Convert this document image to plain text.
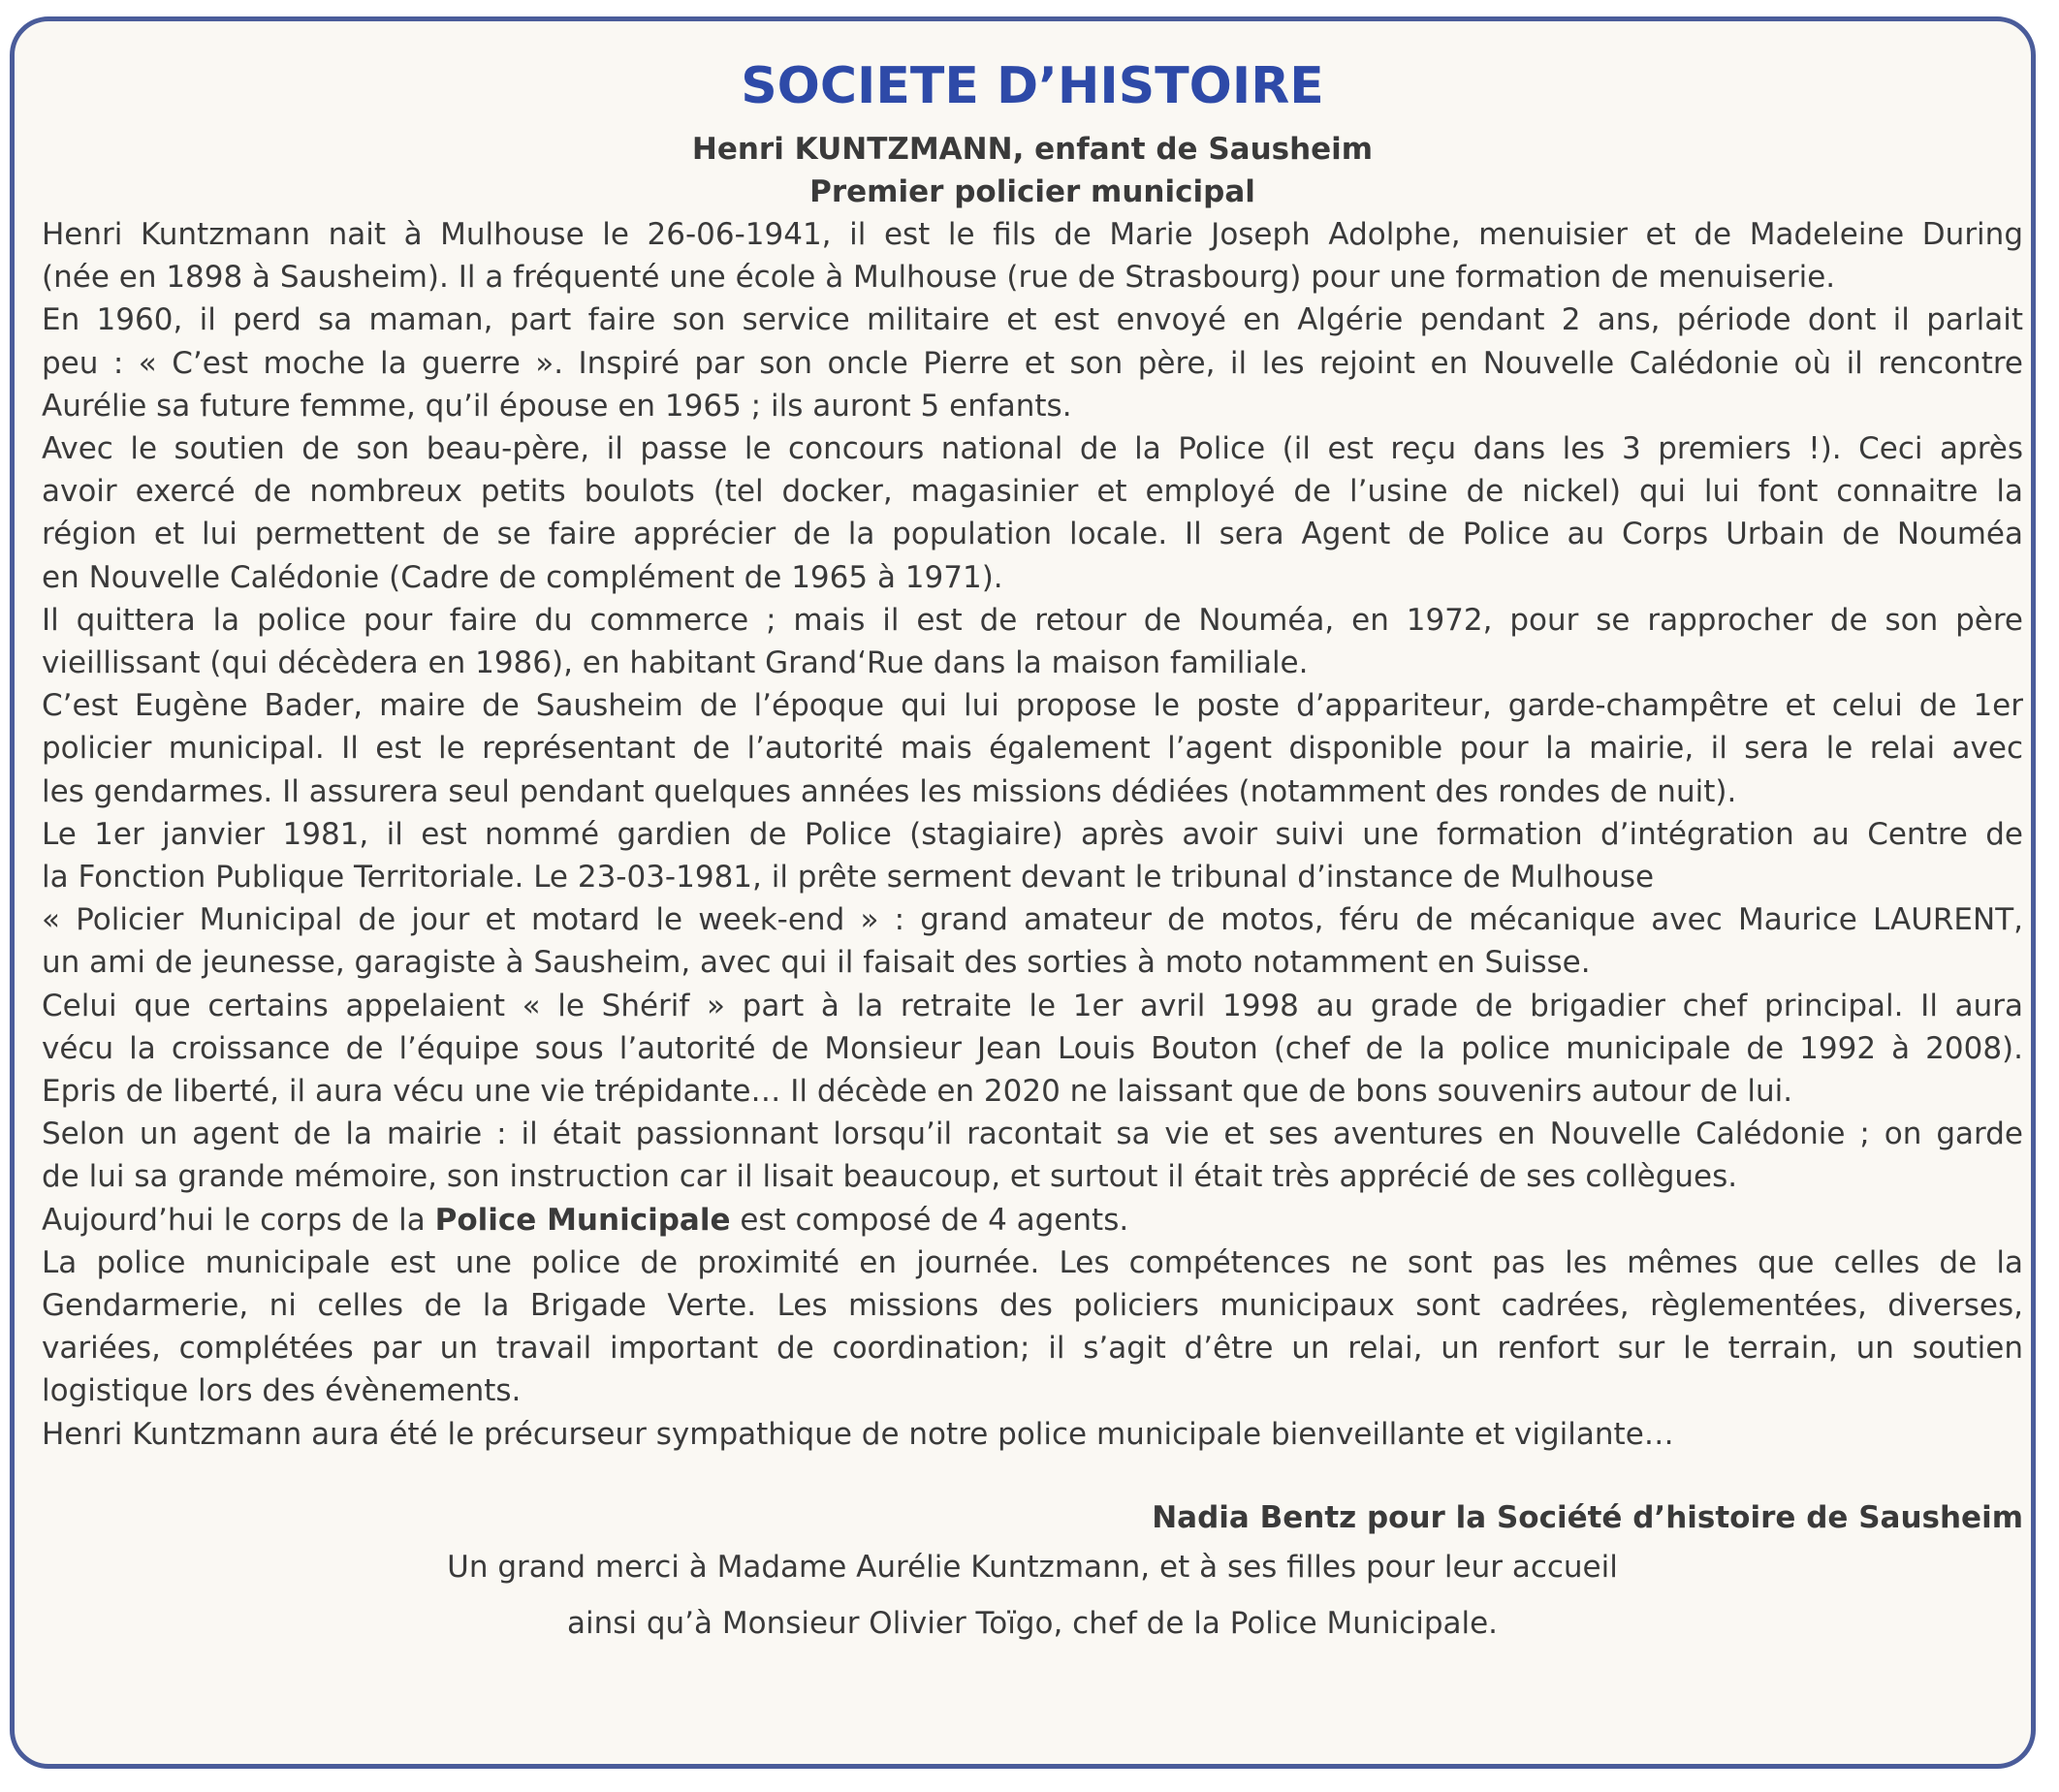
SOCIETE D’HISTOIRE
Henri KUNTZMANN, enfant de Sausheim
Premier policier municipal
Henri Kuntzmann nait à Mulhouse le 26-06-1941, il est le fils de Marie Joseph Adolphe, menuisier et de Madeleine During
(née en 1898 à Sausheim). Il a fréquenté une école à Mulhouse (rue de Strasbourg) pour une formation de menuiserie.
En 1960, il perd sa maman, part faire son service militaire et est envoyé en Algérie pendant 2 ans, période dont il parlait
peu : « C’est moche la guerre ». Inspiré par son oncle Pierre et son père, il les rejoint en Nouvelle Calédonie où il rencontre
Aurélie sa future femme, qu’il épouse en 1965 ; ils auront 5 enfants.
Avec le soutien de son beau-père, il passe le concours national de la Police (il est reçu dans les 3 premiers !). Ceci après
avoir exercé de nombreux petits boulots (tel docker, magasinier et employé de l’usine de nickel) qui lui font connaitre la
région et lui permettent de se faire apprécier de la population locale. Il sera Agent de Police au Corps Urbain de Nouméa
en Nouvelle Calédonie (Cadre de complément de 1965 à 1971).
Il quittera la police pour faire du commerce ; mais il est de retour de Nouméa, en 1972, pour se rapprocher de son père
vieillissant (qui décèdera en 1986), en habitant Grand‘Rue dans la maison familiale.
C’est Eugène Bader, maire de Sausheim de l’époque qui lui propose le poste d’appariteur, garde-champêtre et celui de 1er
policier municipal. Il est le représentant de l’autorité mais également l’agent disponible pour la mairie, il sera le relai avec
les gendarmes. Il assurera seul pendant quelques années les missions dédiées (notamment des rondes de nuit).
Le 1er janvier 1981, il est nommé gardien de Police (stagiaire) après avoir suivi une formation d’intégration au Centre de
la Fonction Publique Territoriale. Le 23-03-1981, il prête serment devant le tribunal d’instance de Mulhouse
« Policier Municipal de jour et motard le week-end » : grand amateur de motos, féru de mécanique avec Maurice LAURENT,
un ami de jeunesse, garagiste à Sausheim, avec qui il faisait des sorties à moto notamment en Suisse.
Celui que certains appelaient « le Shérif » part à la retraite le 1er avril 1998 au grade de brigadier chef principal. Il aura
vécu la croissance de l’équipe sous l’autorité de Monsieur Jean Louis Bouton (chef de la police municipale de 1992 à 2008).
Epris de liberté, il aura vécu une vie trépidante… Il décède en 2020 ne laissant que de bons souvenirs autour de lui.
Selon un agent de la mairie : il était passionnant lorsqu’il racontait sa vie et ses aventures en Nouvelle Calédonie ; on garde
de lui sa grande mémoire, son instruction car il lisait beaucoup, et surtout il était très apprécié de ses collègues.
Aujourd’hui le corps de la Police Municipale est composé de 4 agents.
La police municipale est une police de proximité en journée. Les compétences ne sont pas les mêmes que celles de la
Gendarmerie, ni celles de la Brigade Verte. Les missions des policiers municipaux sont cadrées, règlementées, diverses,
variées, complétées par un travail important de coordination; il s’agit d’être un relai, un renfort sur le terrain, un soutien
logistique lors des évènements.
Henri Kuntzmann aura été le précurseur sympathique de notre police municipale bienveillante et vigilante…
Nadia Bentz pour la Société d’histoire de Sausheim
Un grand merci à Madame Aurélie Kuntzmann, et à ses filles pour leur accueil
ainsi qu’à Monsieur Olivier Toïgo, chef de la Police Municipale.
